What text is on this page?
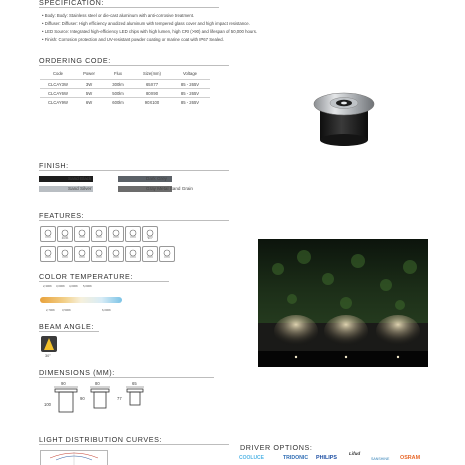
SPECIFICATION:
• Body: Body: Stainless steel or die-cast aluminum with anti-corrosive treatment.
• Diffuser: Diffuser: High efficiency anodized aluminum with tempered glass cover and high impact resistance.
• LED Source: Integrated high-efficiency LED chips with high lumen, high CRI (>90) and lifespan of 50,000 hours.
• Finish: Corrosion protection and UV-resistant powder coating or marine coat with IP67 Sealed.
ORDERING CODE:
Code	Power	Flux	Size(mm)	Voltage
CLCAY3W	3W	300lm	65X77	85 - 265V
CLCAY6W	5W	500lm	80X90	85 - 265V
CLCAY9W	6W	600lm	90X100	85 - 265V
FINISH:
Sand Black	Dark Grey
Sand Silver	Gray Metal Sand Grain
FEATURES:
Ra>90	A++
COLOR TEMPERATURE:
2,300K 3,000K 4,000K 5,000K
2,700K	3,500K	6,000K
BEAM ANGLE:
30°
DIMENSIONS (MM):
90
100
80
90
65
77
LIGHT DISTRIBUTION CURVES:
DRIVER OPTIONS:
COOLUCE	TRIDONIC PHILIPS
Lifud
SANSHINE OSRAM
